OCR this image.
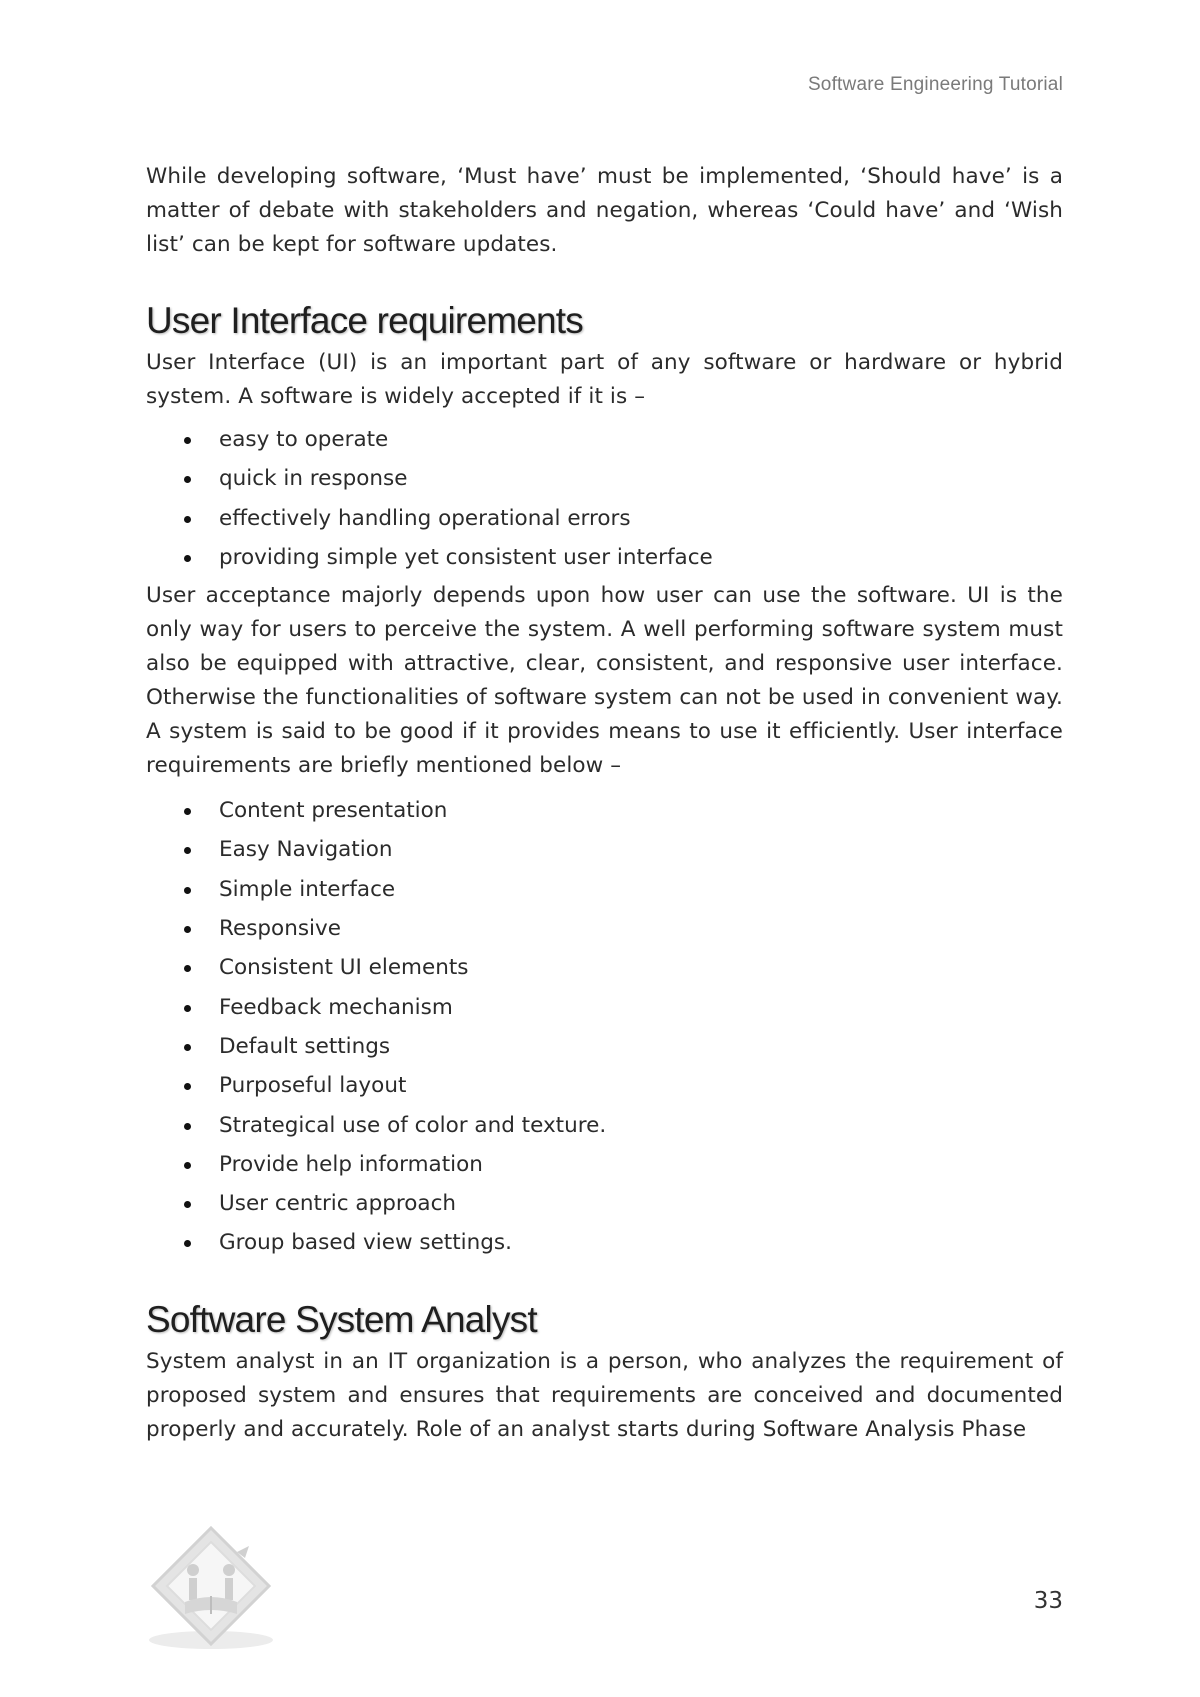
Software Engineering Tutorial

While developing software, ‘Must have’ must be implemented, ‘Should have’ is a matter of debate with stakeholders and negation, whereas ‘Could have’ and ‘Wish list’ can be kept for software updates.

User Interface requirements

User Interface (UI) is an important part of any software or hardware or hybrid system. A software is widely accepted if it is –

easy to operate
quick in response
effectively handling operational errors
providing simple yet consistent user interface

User acceptance majorly depends upon how user can use the software. UI is the only way for users to perceive the system. A well performing software system must also be equipped with attractive, clear, consistent, and responsive user interface. Otherwise the functionalities of software system can not be used in convenient way. A system is said to be good if it provides means to use it efficiently. User interface requirements are briefly mentioned below –

Content presentation
Easy Navigation
Simple interface
Responsive
Consistent UI elements
Feedback mechanism
Default settings
Purposeful layout
Strategical use of color and texture.
Provide help information
User centric approach
Group based view settings.
Software System Analyst

System analyst in an IT organization is a person, who analyzes the requirement of proposed system and ensures that requirements are conceived and documented properly and accurately. Role of an analyst starts during Software Analysis Phase

33
